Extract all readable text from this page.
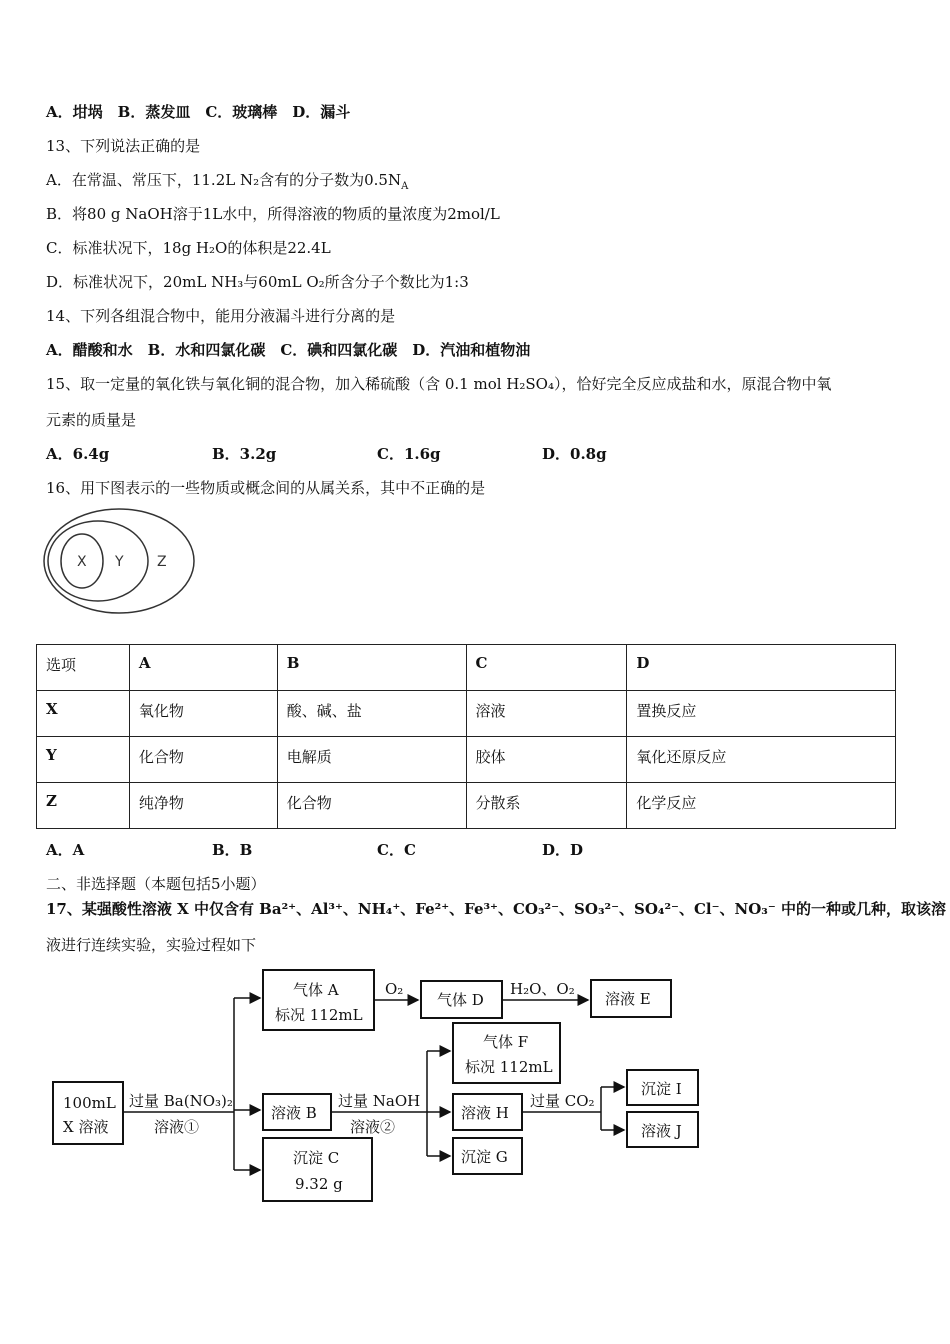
A．坩埚　B．蒸发皿　C．玻璃棒　D．漏斗
13、下列说法正确的是
A．在常温、常压下，11.2L N₂含有的分子数为$0.5N_A$
B．将80 g NaOH溶于1L水中，所得溶液的物质的量浓度为2mol/L
C．标准状况下，18g H₂O的体积是22.4L
D．标准状况下，20mL NH₃与60mL O₂所含分子个数比为1:3
14、下列各组混合物中，能用分液漏斗进行分离的是
A．醋酸和水　B．水和四氯化碳　C．碘和四氯化碳　D．汽油和植物油
15、取一定量的氧化铁与氧化铜的混合物，加入稀硫酸（含 0.1 mol H₂SO₄），恰好完全反应成盐和水，原混合物中氧
元素的质量是
A．6.4g	B．3.2g	C．1.6g	D．0.8g
16、用下图表示的一些物质或概念间的从属关系，其中不正确的是
X Y Z
选项	A	B	C	D
X	氧化物	酸、碱、盐	溶液	置换反应
Y	化合物	电解质	胶体	氧化还原反应
Z	纯净物	化合物	分散系	化学反应
A．A	B．B	C．C	D．D
二、非选择题（本题包括5小题）
17、某强酸性溶液 X 中仅含有 Ba²⁺、Al³⁺、NH₄⁺、Fe²⁺、Fe³⁺、CO₃²⁻、SO₃²⁻、SO₄²⁻、Cl⁻、NO₃⁻ 中的一种或几种，取该溶
液进行连续实验，实验过程如下
100mL
X 溶液
过量 Ba(NO₃)₂
溶液①
气体 A
标况 112mL
O₂
气体 D
H₂O、O₂
溶液 E
溶液 B
过量 NaOH
溶液②
气体 F
标况 112mL
溶液 H
过量 CO₂
沉淀 I
溶液 J
沉淀 G
沉淀 C
9.32 g
